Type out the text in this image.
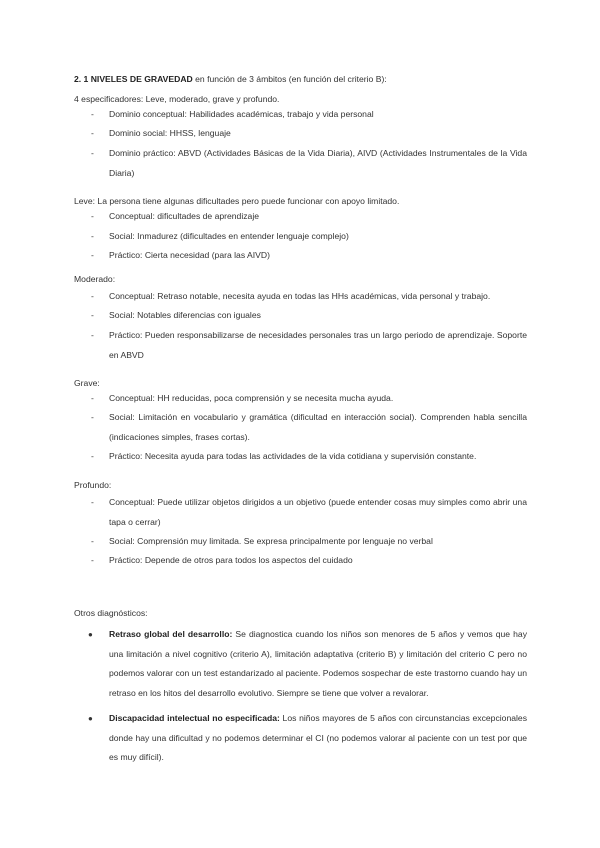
2. 1 NIVELES DE GRAVEDAD en función de 3 ámbitos (en función del criterio B):

4 especificadores: Leve, moderado, grave y profundo.

- Dominio conceptual: Habilidades académicas, trabajo y vida personal
- Dominio social: HHSS, lenguaje
- Dominio práctico: ABVD (Actividades Básicas de la Vida Diaria), AIVD (Actividades Instrumentales de la Vida Diaria)

Leve: La persona tiene algunas dificultades pero puede funcionar con apoyo limitado.

- Conceptual: dificultades de aprendizaje
- Social: Inmadurez (dificultades en entender lenguaje complejo)
- Práctico: Cierta necesidad (para las AIVD)

Moderado:

- Conceptual: Retraso notable, necesita ayuda en todas las HHs académicas, vida personal y trabajo.
- Social: Notables diferencias con iguales
- Práctico: Pueden responsabilizarse de necesidades personales tras un largo periodo de aprendizaje. Soporte en ABVD

Grave:

- Conceptual: HH reducidas, poca comprensión y se necesita mucha ayuda.
- Social: Limitación en vocabulario y gramática (dificultad en interacción social). Comprenden habla sencilla (indicaciones simples, frases cortas).
- Práctico: Necesita ayuda para todas las actividades de la vida cotidiana y supervisión constante.

Profundo:

- Conceptual: Puede utilizar objetos dirigidos a un objetivo (puede entender cosas muy simples como abrir una tapa o cerrar)
- Social: Comprensión muy limitada. Se expresa principalmente por lenguaje no verbal
- Práctico: Depende de otros para todos los aspectos del cuidado

Otros diagnósticos:

● Retraso global del desarrollo: Se diagnostica cuando los niños son menores de 5 años y vemos que hay una limitación a nivel cognitivo (criterio A), limitación adaptativa (criterio B) y limitación del criterio C pero no podemos valorar con un test estandarizado al paciente. Podemos sospechar de este trastorno cuando hay un retraso en los hitos del desarrollo evolutivo. Siempre se tiene que volver a revalorar.
● Discapacidad intelectual no especificada: Los niños mayores de 5 años con circunstancias excepcionales donde hay una dificultad y no podemos determinar el CI (no podemos valorar al paciente con un test por que es muy difícil).
